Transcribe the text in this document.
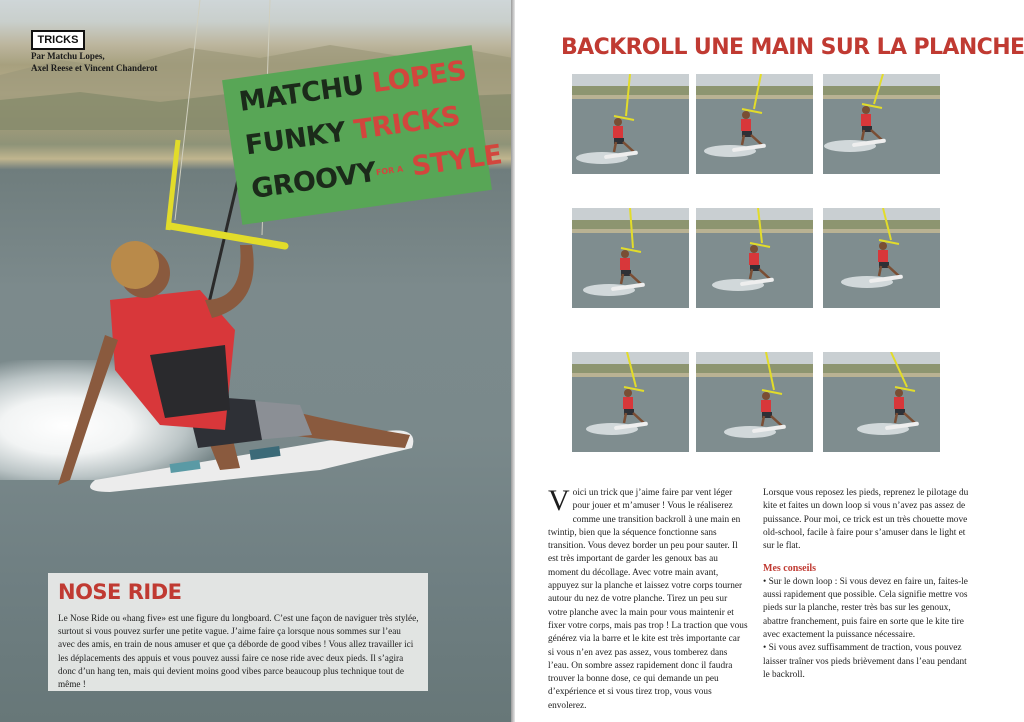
TRICKS
Par Matchu Lopes,
Axel Reese et Vincent Chanderot
MATCHU LOPES
FUNKY TRICKS
GROOVYFOR A STYLE
NOSE RIDE
Le Nose Ride ou «hang five» est une figure du longboard. C’est une façon de naviguer très stylée, surtout si vous pouvez surfer une petite vague. J’aime faire ça lorsque nous sommes sur l’eau avec des amis, en train de nous amuser et que ça déborde de good vibes ! Vous allez travailler ici les déplacements des appuis et vous pouvez aussi faire ce nose ride avec deux pieds. Il s’agira donc d’un hang ten, mais qui devient moins good vibes parce beaucoup plus technique tout de même !
BACKROLL UNE MAIN SUR LA PLANCHE
Voici un trick que j’aime faire par vent léger pour jouer et m’amuser ! Vous le réaliserez comme une transition backroll à une main en twintip, bien que la séquence fonctionne sans transition. Vous devez border un peu pour sauter. Il est très important de garder les genoux bas au moment du décollage. Avec votre main avant, appuyez sur la planche et laissez votre corps tourner autour du nez de votre planche. Tirez un peu sur votre planche avec la main pour vous maintenir et fixer votre corps, mais pas trop ! La traction que vous générez via la barre et le kite est très importante car si vous n’en avez pas assez, vous tomberez dans l’eau. On sombre assez rapidement donc il faudra trouver la bonne dose, ce qui demande un peu d’expérience et si vous tirez trop, vous vous envolerez.

Lorsque vous reposez les pieds, reprenez le pilotage du kite et faites un down loop si vous n’avez pas assez de puissance. Pour moi, ce trick est un très chouette move old-school, facile à faire pour s’amuser dans le light et sur le flat.

Mes conseils

• Sur le down loop : Si vous devez en faire un, faites-le aussi rapidement que possible. Cela signifie mettre vos pieds sur la planche, rester très bas sur les genoux, abattre franchement, puis faire en sorte que le kite tire avec exactement la puissance nécessaire.

• Si vous avez suffisamment de traction, vous pouvez laisser traîner vos pieds brièvement dans l’eau pendant le backroll.
